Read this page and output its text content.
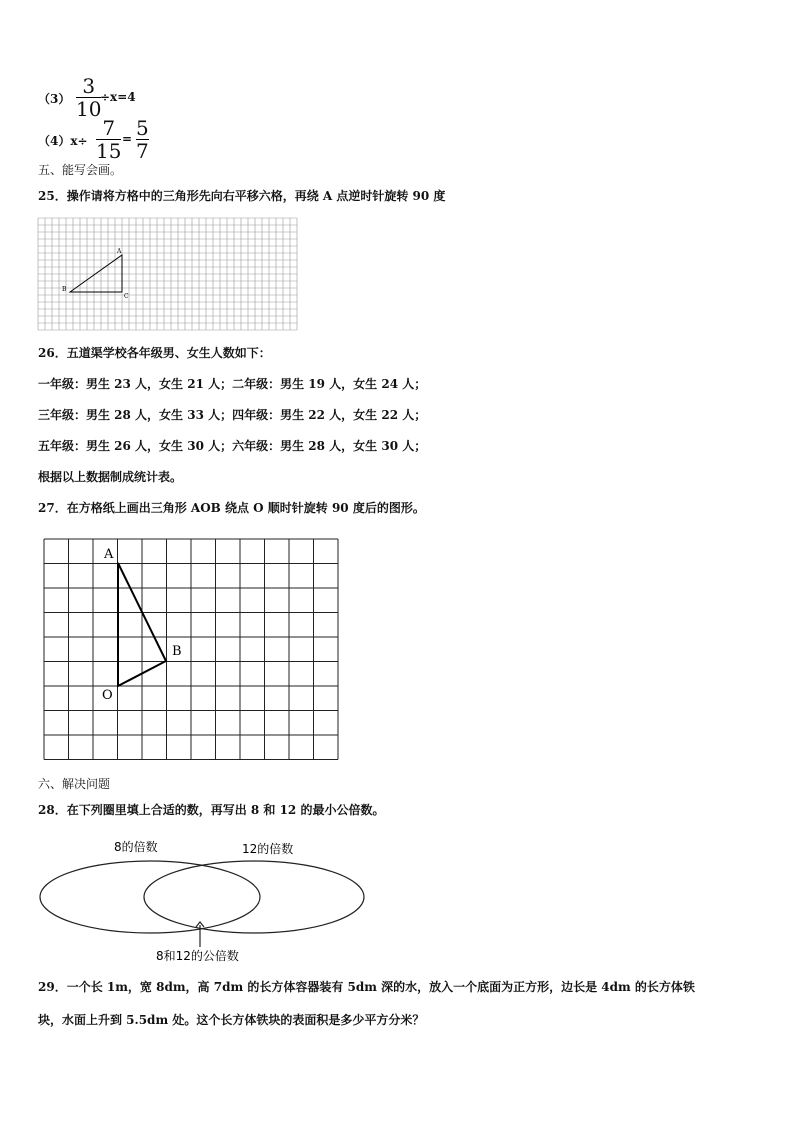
（3）
3
10
÷x=4
（4）x÷
7
15 = 5
7
五、能写会画。
25．操作请将方格中的三角形先向右平移六格，再绕 A 点逆时针旋转 90 度
A
B
C
26．五道渠学校各年级男、女生人数如下：
一年级：男生 23 人，女生 21 人；二年级：男生 19 人，女生 24 人；
三年级：男生 28 人，女生 33 人；四年级：男生 22 人，女生 22 人；
五年级：男生 26 人，女生 30 人；六年级：男生 28 人，女生 30 人；
根据以上数据制成统计表。
27．在方格纸上画出三角形 AOB 绕点 O 顺时针旋转 90 度后的图形。
A
B
O
六、解决问题
28．在下列圈里填上合适的数，再写出 8 和 12 的最小公倍数。
8的倍数	12的倍数
8和12的公倍数
29．一个长 1m，宽 8dm，高 7dm 的长方体容器装有 5dm 深的水，放入一个底面为正方形，边长是 4dm 的长方体铁
块，水面上升到 5.5dm 处。这个长方体铁块的表面积是多少平方分米？
